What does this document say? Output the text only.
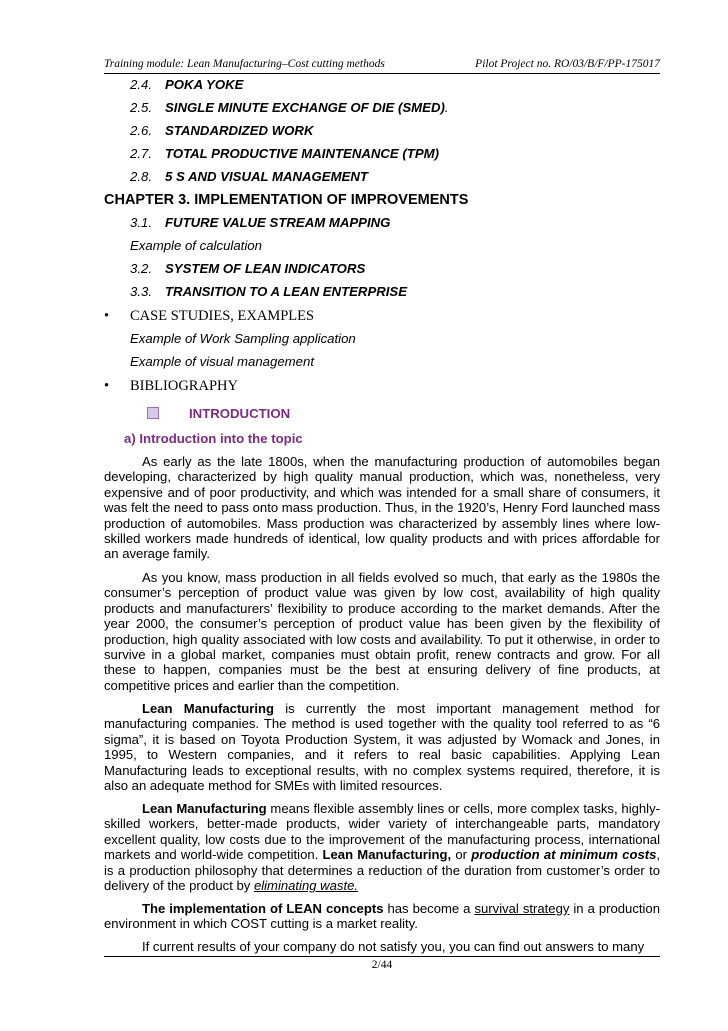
Training module: Lean Manufacturing–Cost cutting methods	Pilot Project no. RO/03/B/F/PP-175017

2.4. POKA YOKE
2.5. SINGLE MINUTE EXCHANGE OF DIE (SMED).
2.6. STANDARDIZED WORK
2.7. TOTAL PRODUCTIVE MAINTENANCE (TPM)
2.8. 5 S AND VISUAL MANAGEMENT
CHAPTER 3. IMPLEMENTATION OF IMPROVEMENTS
3.1. FUTURE VALUE STREAM MAPPING
Example of calculation
3.2. SYSTEM OF LEAN INDICATORS
3.3. TRANSITION TO A LEAN ENTERPRISE
• CASE STUDIES, EXAMPLES
Example of Work Sampling application
Example of visual management
• BIBLIOGRAPHY
INTRODUCTION
a) Introduction into the topic
As early as the late 1800s, when the manufacturing production of automobiles began developing, characterized by high quality manual production, which was, nonetheless, very expensive and of poor productivity, and which was intended for a small share of consumers, it was felt the need to pass onto mass production. Thus, in the 1920’s, Henry Ford launched mass production of automobiles. Mass production was characterized by assembly lines where low-skilled workers made hundreds of identical, low quality products and with prices affordable for an average family.
As you know, mass production in all fields evolved so much, that early as the 1980s the consumer’s perception of product value was given by low cost, availability of high quality products and manufacturers’ flexibility to produce according to the market demands. After the year 2000, the consumer’s perception of product value has been given by the flexibility of production, high quality associated with low costs and availability. To put it otherwise, in order to survive in a global market, companies must obtain profit, renew contracts and grow. For all these to happen, companies must be the best at ensuring delivery of fine products, at competitive prices and earlier than the competition.
Lean Manufacturing is currently the most important management method for manufacturing companies. The method is used together with the quality tool referred to as “6 sigma”, it is based on Toyota Production System, it was adjusted by Womack and Jones, in 1995, to Western companies, and it refers to real basic capabilities. Applying Lean Manufacturing leads to exceptional results, with no complex systems required, therefore, it is also an adequate method for SMEs with limited resources.
Lean Manufacturing means flexible assembly lines or cells, more complex tasks, highly-skilled workers, better-made products, wider variety of interchangeable parts, mandatory excellent quality, low costs due to the improvement of the manufacturing process, international markets and world-wide competition. Lean Manufacturing, or production at minimum costs, is a production philosophy that determines a reduction of the duration from customer’s order to delivery of the product by eliminating waste.
The implementation of LEAN concepts has become a survival strategy in a production environment in which COST cutting is a market reality.
If current results of your company do not satisfy you, you can find out answers to many
2/44
